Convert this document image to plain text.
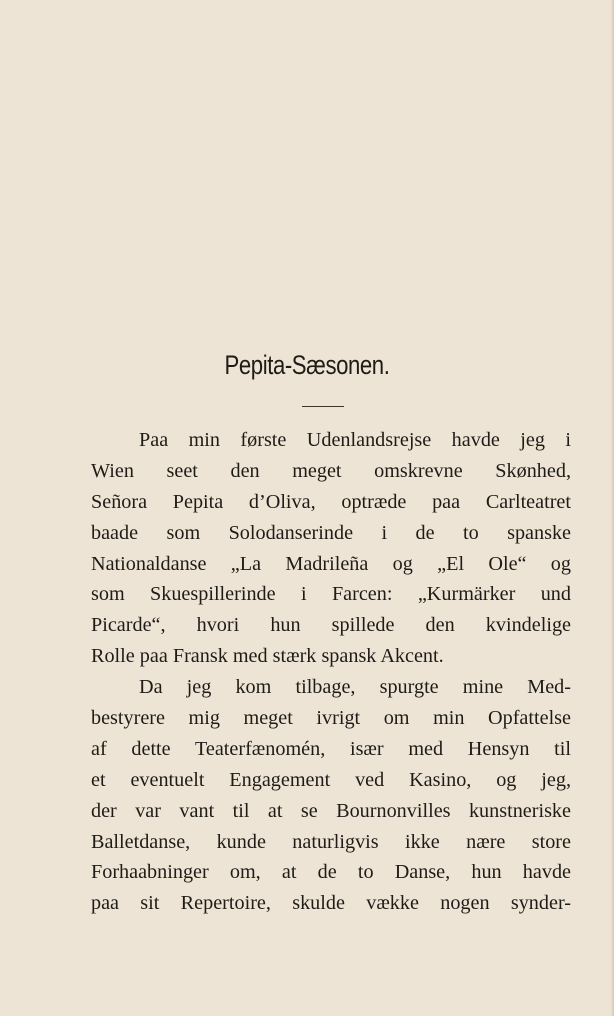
Pepita-Sæsonen.
Paa min første Udenlandsrejse havde jeg i
Wien seet den meget omskrevne Skønhed,
Señora Pepita d’Oliva, optræde paa Carlteatret
baade som Solodanserinde i de to spanske
Nationaldanse „La Madrileña og „El Ole“ og
som Skuespillerinde i Farcen: „Kurmärker und
Picarde“, hvori hun spillede den kvindelige
Rolle paa Fransk med stærk spansk Akcent.
Da jeg kom tilbage, spurgte mine Med-
bestyrere mig meget ivrigt om min Opfattelse
af dette Teaterfænomén, især med Hensyn til
et eventuelt Engagement ved Kasino, og jeg,
der var vant til at se Bournonvilles kunstneriske
Balletdanse, kunde naturligvis ikke nære store
Forhaabninger om, at de to Danse, hun havde
paa sit Repertoire, skulde vække nogen synder-
